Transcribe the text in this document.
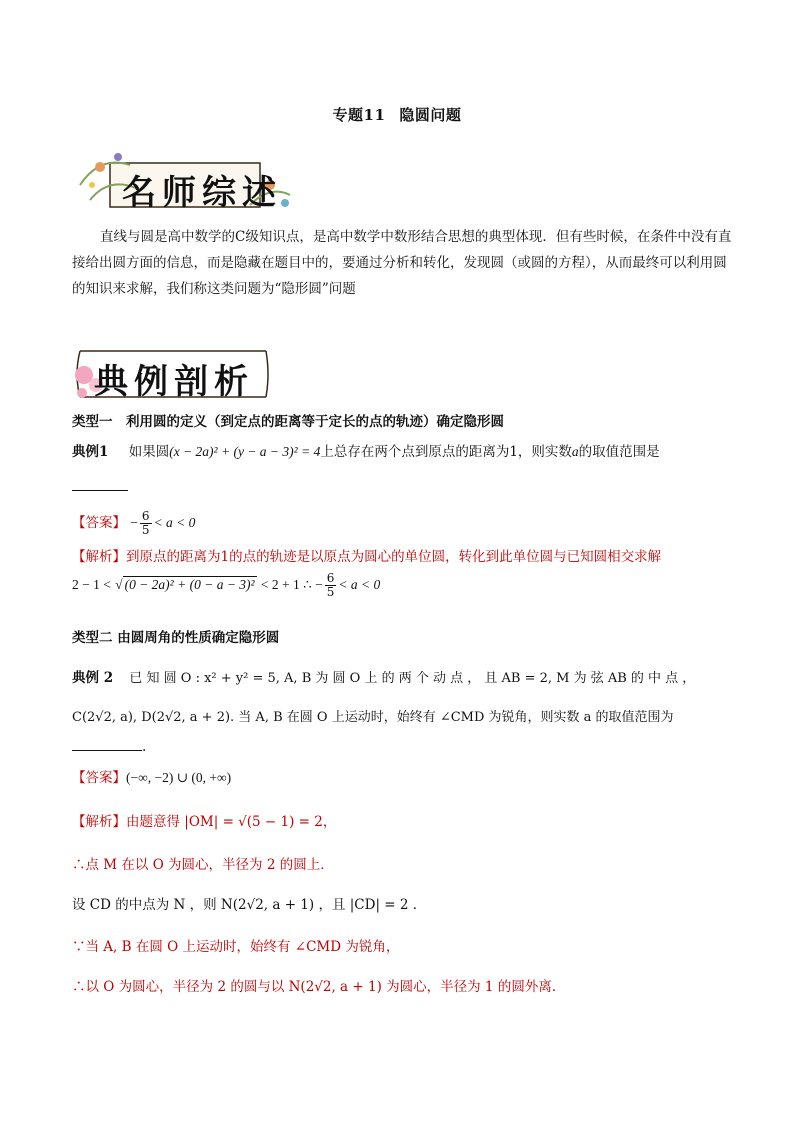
专题11 隐圆问题
名师综述
直线与圆是高中数学的C级知识点，是高中数学中数形结合思想的典型体现．但有些时候，在条件中没有直接给出圆方面的信息，而是隐藏在题目中的，要通过分析和转化，发现圆（或圆的方程），从而最终可以利用圆的知识来求解，我们称这类问题为“隐形圆”问题
典例剖析
类型一　利用圆的定义（到定点的距离等于定长的点的轨迹）确定隐形圆
典例1 如果圆(x − 2a)² + (y − a − 3)² = 4上总存在两个点到原点的距离为1，则实数a的取值范围是
【答案】 − $\frac{6}{5} < a < 0$
【解析】到原点的距离为1的点的轨迹是以原点为圆心的单位圆，转化到此单位圆与已知圆相交求解
2 − 1 < √ (0 − 2a)² + (0 − a − 3)² < 2 + 1 ∴ − $\frac{6}{5} < a < 0$
类型二 由圆周角的性质确定隐形圆
典例 2 已 知 圆 O : x² + y² = 5, A, B 为 圆 O 上 的 两 个 动 点 ， 且 AB = 2, M 为 弦 AB 的 中 点 ，
C(2√2, a), D(2√2, a + 2). 当 A, B 在圆 O 上运动时，始终有 ∠CMD 为锐角，则实数 a 的取值范围为
.
【答案】(−∞, −2) ∪ (0, +∞)
【解析】由题意得 |OM| = √(5 − 1) = 2，
∴点 M 在以 O 为圆心，半径为 2 的圆上．
设 CD 的中点为 N ，则 N(2√2, a + 1) ，且 |CD| = 2 ．
∵当 A, B 在圆 O 上运动时，始终有 ∠CMD 为锐角，
∴以 O 为圆心，半径为 2 的圆与以 N(2√2, a + 1) 为圆心，半径为 1 的圆外离．
